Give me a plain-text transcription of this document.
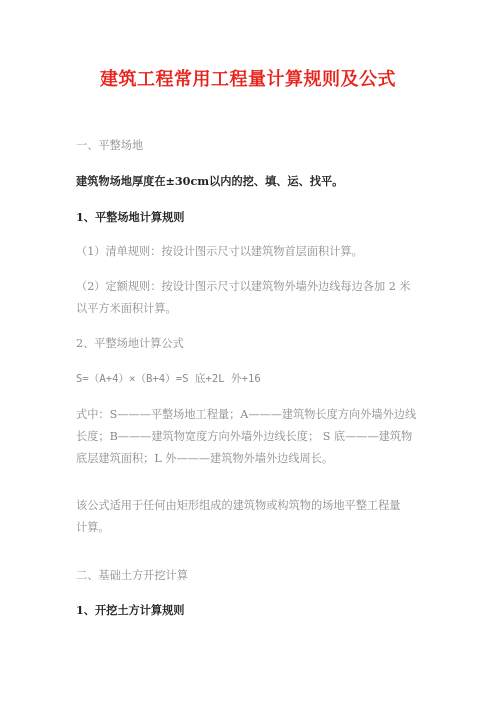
建筑工程常用工程量计算规则及公式
一、平整场地
建筑物场地厚度在±30cm以内的挖、填、运、找平。
1、平整场地计算规则
（1）清单规则：按设计图示尺寸以建筑物首层面积计算。
（2）定额规则：按设计图示尺寸以建筑物外墙外边线每边各加 2 米
以平方米面积计算。
2、平整场地计算公式
S=（A+4）×（B+4）=S 底+2L 外+16
式中：S———平整场地工程量；A———建筑物长度方向外墙外边线
长度；B———建筑物宽度方向外墙外边线长度； S 底———建筑物
底层建筑面积；L 外———建筑物外墙外边线周长。
该公式适用于任何由矩形组成的建筑物或构筑物的场地平整工程量
计算。
二、基础土方开挖计算
1、开挖土方计算规则
